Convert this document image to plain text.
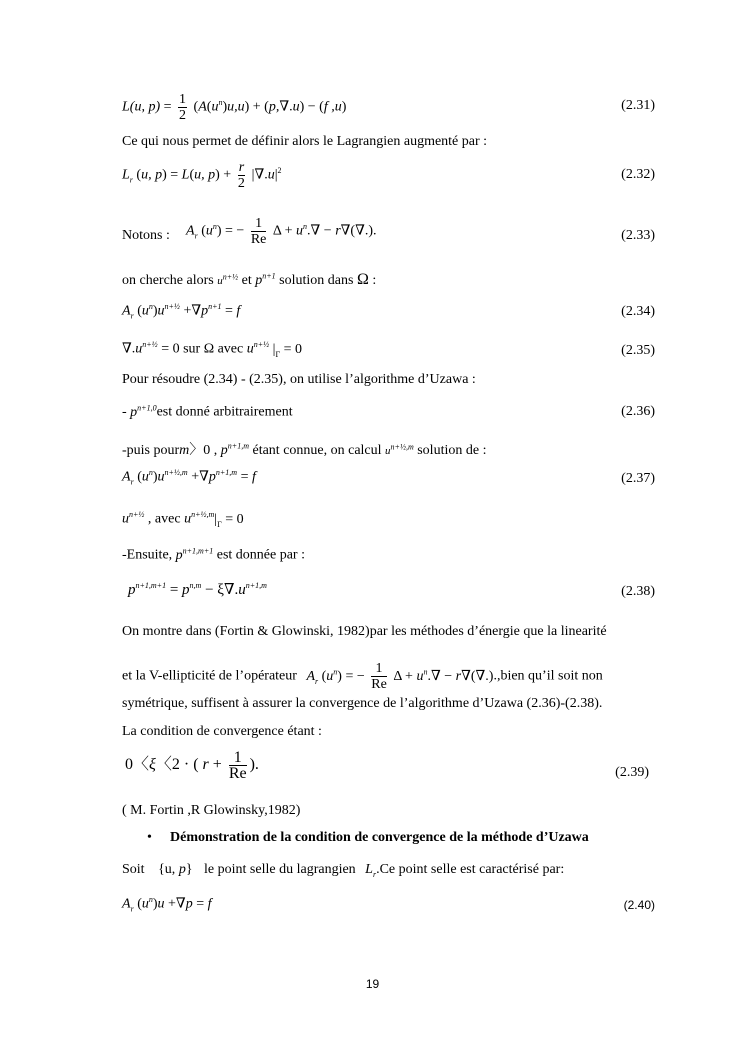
L(u, $p) = \frac{1}{2} (A(u^n)u,u) + (p,\nabla.u) - (f$ ,u)	(2.31)
Ce qui nous permet de définir alors le Lagrangien augmenté par :
$L_r$ (u, p) = L(u, $p) + \frac{r}{2} |\nabla.u|^2$	(2.32)
Notons : $A_r$ $(u^n)$ = − $\frac{1}{Re}$ $\Delta + u^n.\nabla - r\nabla(\nabla.)$.	(2.33)
on cherche alors $u^{n+\frac{1}{2}}$ et $p^{n+1}$ solution dans Ω :
$A_r$ $(u^n)u^{n+\frac{1}{2}} +\nabla p^{n+1} = f$	(2.34)
$\nabla.u^{n+\frac{1}{2}} = 0$ sur Ω avec $u^{n+\frac{1}{2}}$ $|_\Gamma = 0$	(2.35)
Pour résoudre (2.34) - (2.35), on utilise l’algorithme d’Uzawa :
- $p^{n+1,0}est$ donné arbitrairement	(2.36)
-puis pourm〉0 , $p^{n+1,m}$ étant connue, on calcul $u^{n+\frac{1}{2},m}$ solution de :
$A_r$ $(u^n)u^{n+\frac{1}{2},m} +\nabla p^{n+1,m} = f$	(2.37)
$u^{n+\frac{1}{2}}$ , avec $u^{n+\frac{1}{2},m}|_\Gamma = 0$
-Ensuite, $p^{n+1,m+1}$ est donnée par :
$p^{n+1,m+1} = p^{n,m} - \xi\nabla.u^{n+1,m}$	(2.38)
On montre dans (Fortin & Glowinski, 1982)par les méthodes d’énergie que la linearité
et la V-ellipticité de l’opérateur $A_r$ $(u^n)$ = − $\frac{1}{Re}$ $\Delta + u^n.\nabla$ − r∇(∇.).,bien qu’il soit non
symétrique, suffisent à assurer la convergence de l’algorithme d’Uzawa (2.36)-(2.38).
La condition de convergence étant :
0〈ξ〈2 · ( $r + \frac{1}{Re}$ ).	(2.39)
( M. Fortin ,R Glowinsky,1982)
• Démonstration de la condition de convergence de la méthode d’Uzawa
Soit {u, p} le point selle du lagrangien $L_r.Ce$ point selle est caractérisé par:
$A_r$ $(u^n)u +\nabla p = f$	(2.40)
19
